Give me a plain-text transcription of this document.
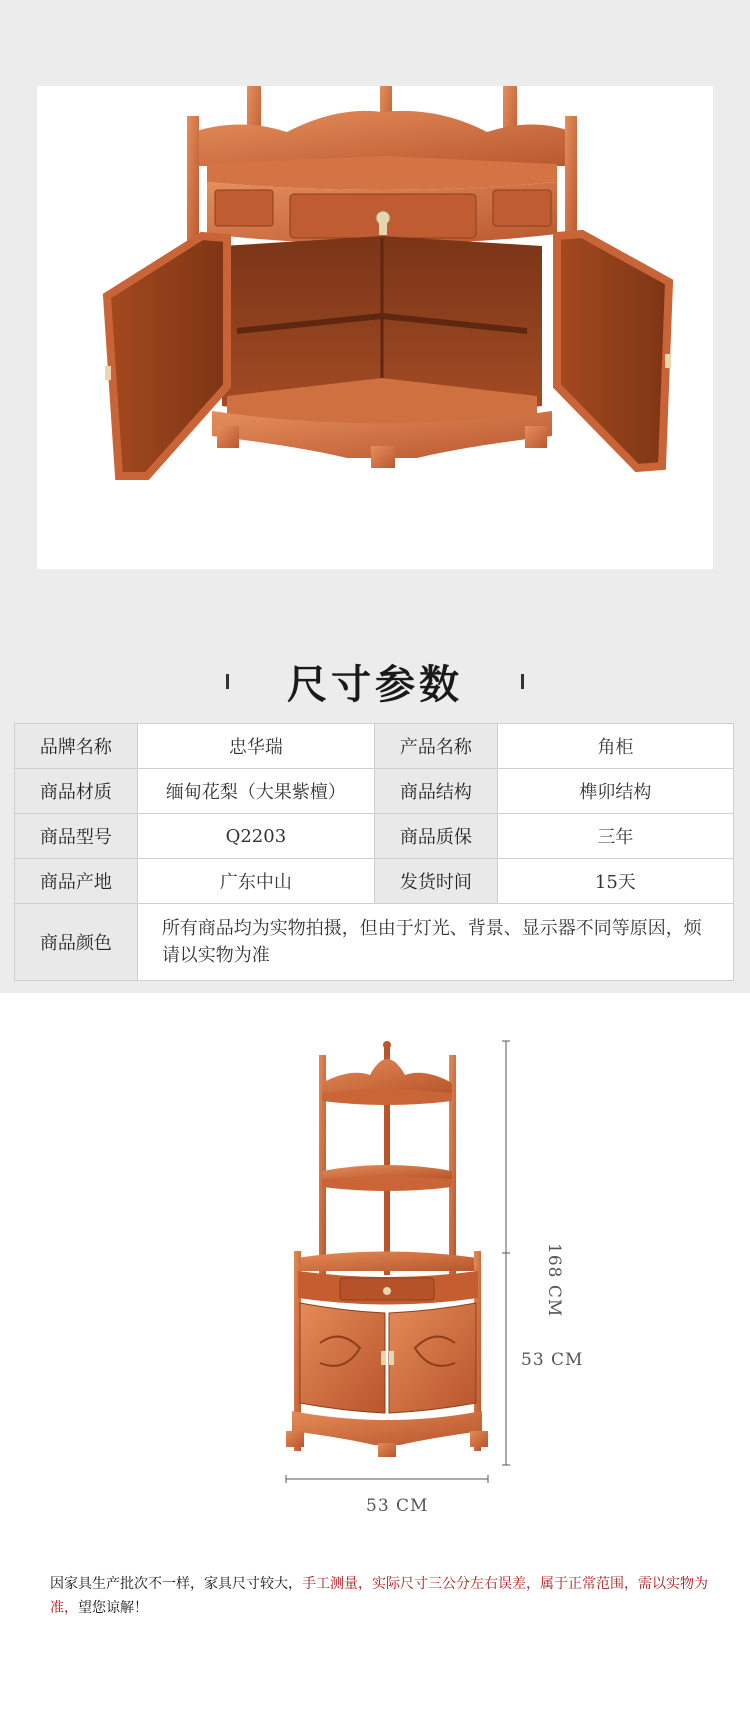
尺寸参数
品牌名称	忠华瑞	产品名称	角柜
商品材质	缅甸花梨（大果紫檀）	商品结构	榫卯结构
商品型号	Q2203	商品质保	三年
商品产地	广东中山	发货时间	15天
商品颜色	所有商品均为实物拍摄，但由于灯光、背景、显示器不同等原因，烦请以实物为准		
168 CM
53 CM
53 CM
因家具生产批次不一样，家具尺寸较大，手工测量，实际尺寸三公分左右误差，属于正常范围，需以实物为准，望您谅解！
